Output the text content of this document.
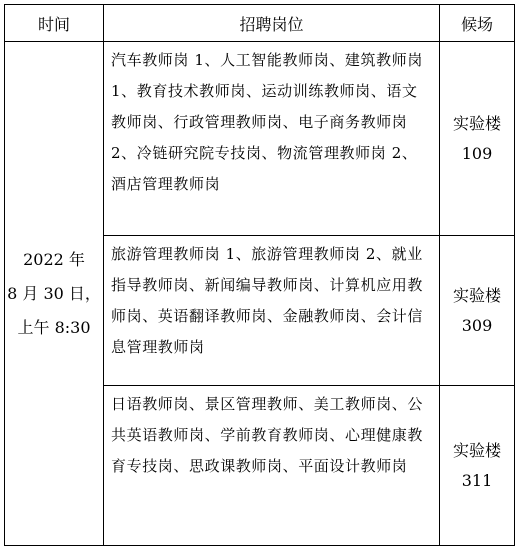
时间	招聘岗位	候场
2022 年
8 月 30 日，
上午 8:30	汽车教师岗 1、人工智能教师岗、建筑教师岗 1、教育技术教师岗、运动训练教师岗、语文教师岗、行政管理教师岗、电子商务教师岗 2、冷链研究院专技岗、物流管理教师岗 2、酒店管理教师岗	实验楼
109

	旅游管理教师岗 1、旅游管理教师岗 2、就业指导教师岗、新闻编导教师岗、计算机应用教师岗、英语翻译教师岗、金融教师岗、会计信息管理教师岗	实验楼
309

	日语教师岗、景区管理教师、美工教师岗、公共英语教师岗、学前教育教师岗、心理健康教育专技岗、思政课教师岗、平面设计教师岗	实验楼
311
